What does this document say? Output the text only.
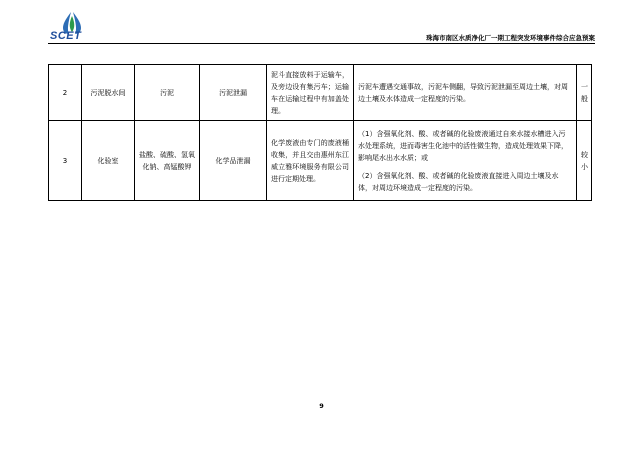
SCET	珠海市南区水质净化厂一期工程突发环境事件综合应急预案
2	污泥脱水间	污泥	污泥泄漏	泥斗直接放料于运输车，及旁边设有集污车；运输车在运输过程中有加盖处理。	污泥车遭遇交通事故，污泥车侧翻，导致污泥泄漏至周边土壤，对周边土壤及水体造成一定程度的污染。	一般
3	化验室	盐酸、硫酸、氢氧化钠、高锰酸钾	化学品泄漏	化学废液由专门的废液桶收集，并且交由惠州东江威立雅环境服务有限公司进行定期处理。	（1）含强氧化剂、酸、或者碱的化验废液通过自来水接水槽进入污水处理系统，进而毒害生化池中的活性微生物，造成处理效果下降，影响尾水出水水质；或

（2）含强氧化剂、酸、或者碱的化验废液直接进入周边土壤及水体，对周边环境造成一定程度的污染。	较小
9
